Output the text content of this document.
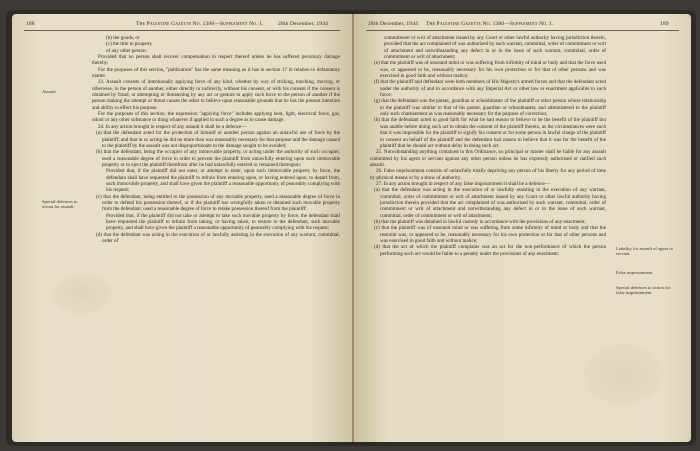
188	The Palestine Gazette No. 1380—Supplement No. 1.	28th December, 1944
Assault.
Special defences to action for assault.

(b) the goods, or

(c) the title to property

of any other person:

Provided that no person shall recover compensation in respect thereof unless he has suffered pecuniary damage thereby.

For the purposes of this section, "publication" has the same meaning as it has in section 17 in relation to defamatory matter.

23. Assault consists of intentionally applying force of any kind, whether by way of striking, touching, moving, or otherwise, to the person of another, either directly or indirectly, without his consent, or with his consent if the consent is obtained by fraud, or attempting or threatening by any act or gesture to apply such force to the person of another if the person making the attempt or threat causes the other to believe upon reasonable grounds that he has the present intention and ability to effect his purpose.

For the purposes of this section, the expression "applying force" includes applying heat, light, electrical force, gas, odour or any other substance or thing whatever if applied in such a degree as to cause damage.

24. In any action brought in respect of any assault it shall be a defence—

(a) that the defendant acted for the protection of himself or another person against an unlawful use of force by the plaintiff, and that in so acting he did no more than was reasonably necessary for that purpose and the damage caused to the plaintiff by the assault was not disproportionate to the damage sought to be avoided;

(b) that the defendant, being the occupier of any immovable property, or acting under the authority of such occupier, used a reasonable degree of force in order to prevent the plaintiff from unlawfully entering upon such immovable property or to eject the plaintiff therefrom after he had unlawfully entered or remained thereupon:

Provided that, if the plaintiff did not enter, or attempt to enter, upon such immovable property by force, the defendant shall have requested the plaintiff to refrain from entering upon, or having entered upon, to depart from, such immovable property, and shall have given the plaintiff a reasonable opportunity of peaceably complying with his request;

(c) that the defendant, being entitled to the possession of any movable property, used a reasonable degree of force in order to defend his possession thereof, or if the plaintiff has wrongfully taken or detained such movable property from the defendant, used a reasonable degree of force to retake possession thereof from the plaintiff:

Provided that, if the plaintiff did not take or attempt to take such movable property by force, the defendant shall have requested the plaintiff to refrain from taking, or having taken, to restore to the defendant, such movable property, and shall have given the plaintiff a reasonable opportunity of peaceably complying with his request;

(d) that the defendant was acting in the execution of or lawfully assisting in the execution of any warrant, committal, order of

28th December, 1944 The Palestine Gazette No. 1380—Supplement No. 1.	189
Liability for assault of agent or servant.
False imprisonment.
Special defences to action for false imprisonment.

commitment or writ of attachment issued by any Court or other lawful authority having jurisdiction therein, provided that the act complained of was authorised by such warrant, committal, order of commitment or writ of attachment and notwithstanding any defect in or in the issue of such warrant, committal, order of commitment or writ of attachment;

(e) that the plaintiff was of unsound mind or was suffering from infirmity of mind or body and that the force used was, or appeared to be, reasonably necessary for his own protection or for that of other persons and was exercised in good faith and without malice;

(f) that the plaintiff and defendant were both members of His Majesty's armed forces and that the defendant acted under the authority of and in accordance with any Imperial Act or other law or enactment applicable to such force;

(g) that the defendant was the parent, guardian or schoolmaster of the plaintiff or other person whose relationship to the plaintiff was similar to that of his parent, guardian or schoolmaster, and administered to the plaintiff only such chastisement as was reasonably necessary for the purpose of correction;

(h) that the defendant acted in good faith for what he had reason to believe to be the benefit of the plaintiff but was unable before doing such act to obtain the consent of the plaintiff thereto, as the circumstances were such that it was impossible for the plaintiff to signify his consent or for some person in lawful charge of the plaintiff to consent on behalf of the plaintiff and the defendant had reason to believe that it was for the benefit of the plaintiff that he should act without delay in doing such act.

25. Notwithstanding anything contained in this Ordinance, no principal or master shall be liable for any assault committed by his agent or servant against any other person unless he has expressly authorised or ratified such assault.

26. False imprisonment consists of unlawfully totally depriving any person of his liberty for any period of time by physical means or by a show of authority.

27. In any action brought in respect of any false imprisonment it shall be a defence—

(a) that the defendant was acting in the execution of or lawfully assisting in the execution of any warrant, committal, order of commitment or writ of attachment issued by any Court or other lawful authority having jurisdiction therein provided that the act complained of was authorised by such warrant, committal, order of commitment or writ of attachment and notwithstanding any defect in or in the issue of such warrant, committal, order of commitment or writ of attachment;

(b) that the plaintiff was detained in lawful custody in accordance with the provisions of any enactment;

(c) that the plaintiff was of unsound mind or was suffering from some infirmity of mind or body and that the restraint was, or appeared to be, reasonably necessary for his own protection or for that of other persons and was exercised in good faith and without malice;

(d) that the act of which the plaintiff complains was an act for the non-performance of which the person performing such act would be liable to a penalty under the provisions of any enactment;
